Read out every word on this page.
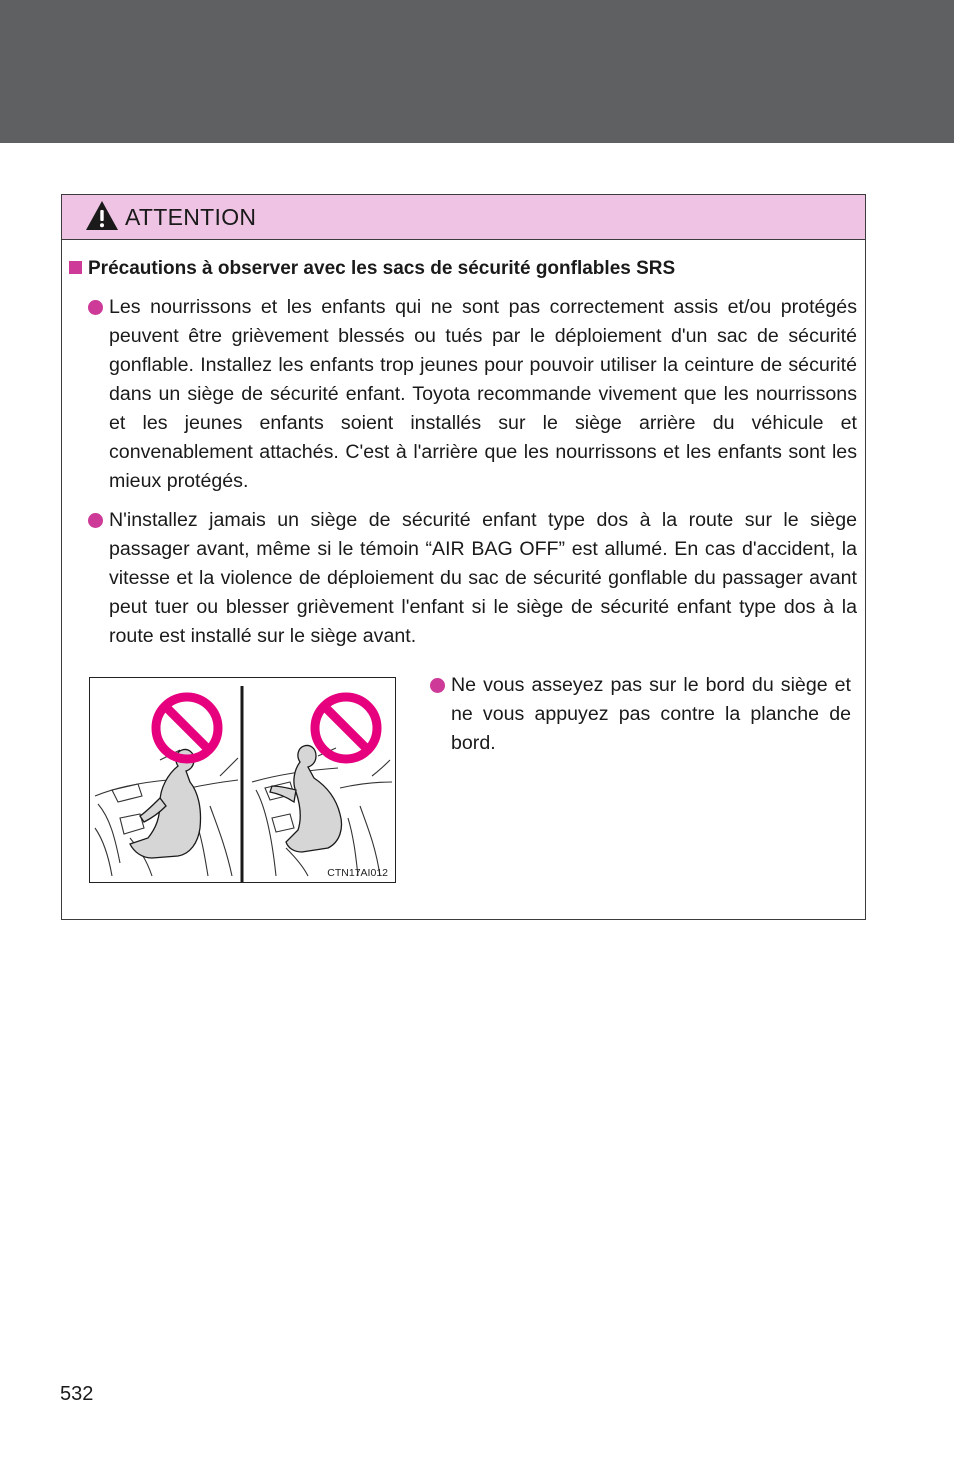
ATTENTION
Précautions à observer avec les sacs de sécurité gonflables SRS
Les nourrissons et les enfants qui ne sont pas correctement assis et/ou protégés peuvent être grièvement blessés ou tués par le déploiement d'un sac de sécurité gonflable. Installez les enfants trop jeunes pour pouvoir utiliser la ceinture de sécurité dans un siège de sécurité enfant. Toyota recommande vivement que les nourrissons et les jeunes enfants soient installés sur le siège arrière du véhicule et convenablement attachés. C'est à l'arrière que les nourrissons et les enfants sont les mieux protégés.
N'installez jamais un siège de sécurité enfant type dos à la route sur le siège passager avant, même si le témoin “AIR BAG OFF” est allumé. En cas d'accident, la vitesse et la violence de déploiement du sac de sécurité gonflable du passager avant peut tuer ou blesser grièvement l'enfant si le siège de sécurité enfant type dos à la route est installé sur le siège avant.
CTN17AI012
Ne vous asseyez pas sur le bord du siège et ne vous appuyez pas contre la planche de bord.
532
